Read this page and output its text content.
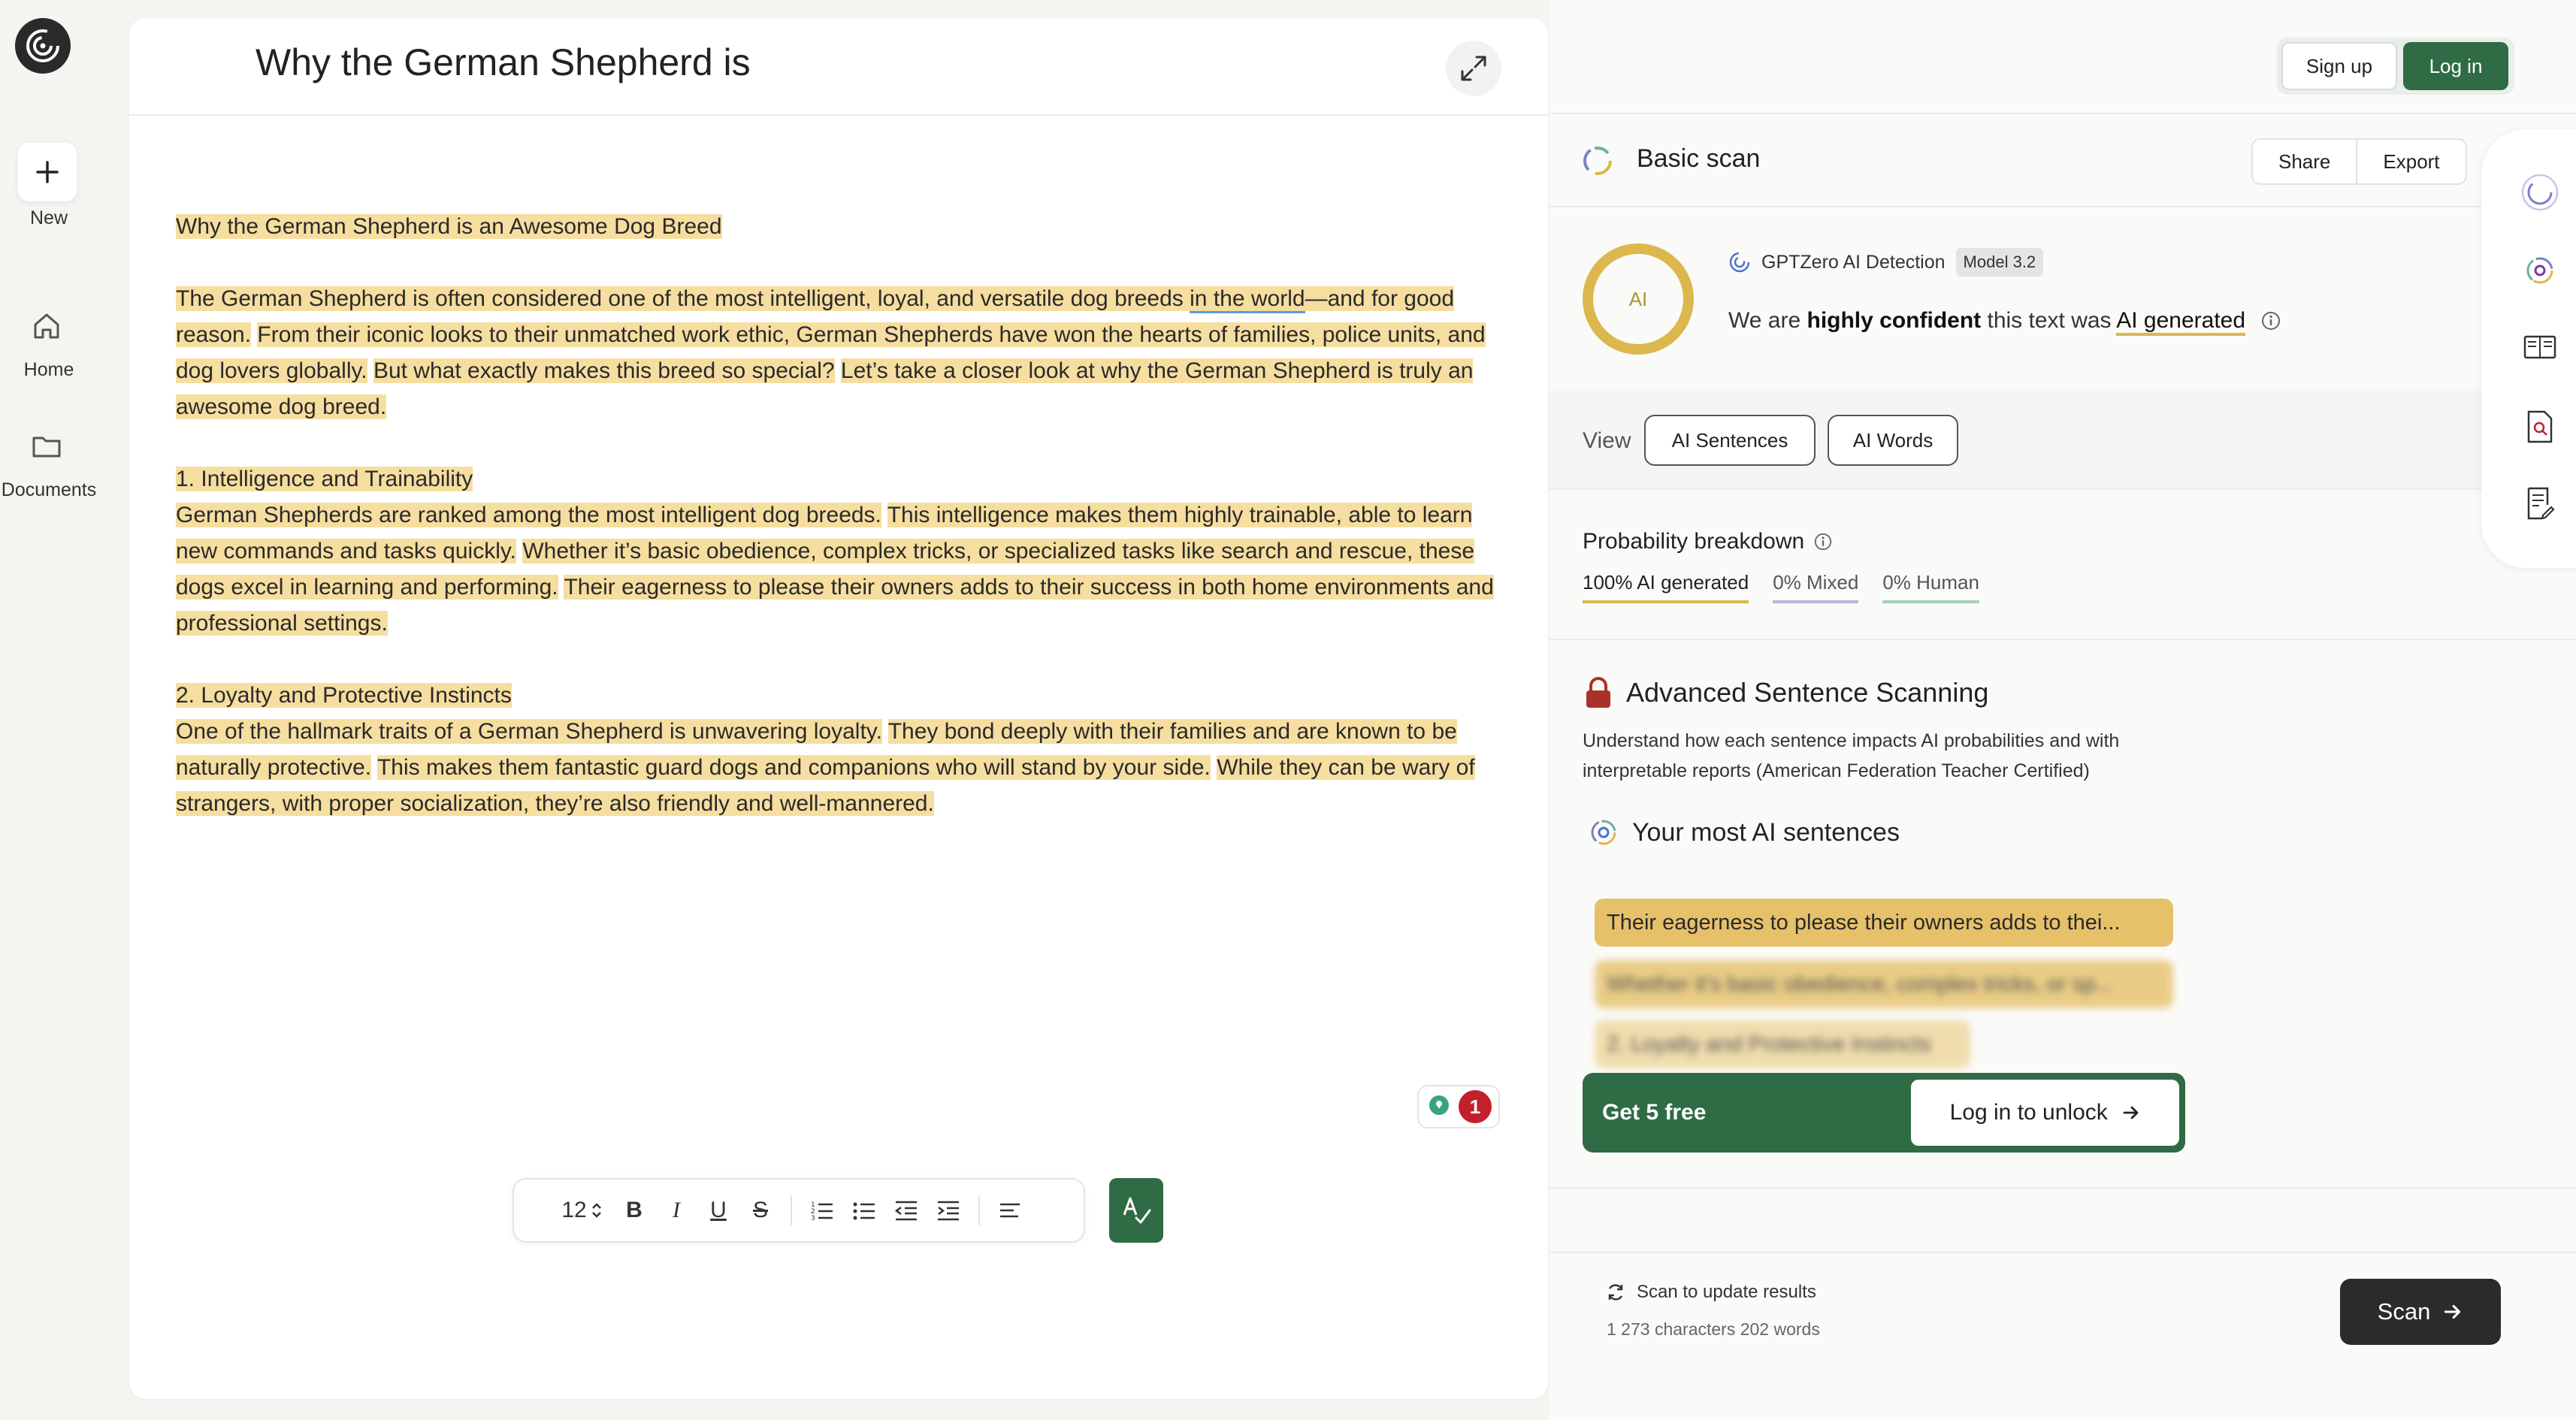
New
Home
Documents
Why the German Shepherd is

Why the German Shepherd is an Awesome Dog Breed

The German Shepherd is often considered one of the most intelligent, loyal, and versatile dog breeds in the world—and for good reason. From their iconic looks to their unmatched work ethic, German Shepherds have won the hearts of families, police units, and dog lovers globally. But what exactly makes this breed so special? Let’s take a closer look at why the German Shepherd is truly an awesome dog breed.

1. Intelligence and Trainability
German Shepherds are ranked among the most intelligent dog breeds. This intelligence makes them highly trainable, able to learn new commands and tasks quickly. Whether it’s basic obedience, complex tricks, or specialized tasks like search and rescue, these dogs excel in learning and performing. Their eagerness to please their owners adds to their success in both home environments and professional settings.

2. Loyalty and Protective Instincts
One of the hallmark traits of a German Shepherd is unwavering loyalty. They bond deeply with their families and are known to be naturally protective. This makes them fantastic guard dogs and companions who will stand by your side. While they can be wary of strangers, with proper socialization, they’re also friendly and well-mannered.

1
12 B	I	U S	1
2
3
Sign up	Log in
Basic scan	Share	Export
AI
GPTZero AI Detection	Model 3.2
We are highly confident this text was AI generated
View	AI Sentences	AI Words
Probability breakdown
100% AI generated 0% Mixed 0% Human
Advanced Sentence Scanning
Understand how each sentence impacts AI probabilities and with interpretable reports (American Federation Teacher Certified)
Your most AI sentences
Their eagerness to please their owners adds to thei...
Whether it's basic obedience, complex tricks, or sp...
2. Loyalty and Protective Instincts
Get 5 free	Log in to unlock
Scan to update results
1 273 characters 202 words
Scan
